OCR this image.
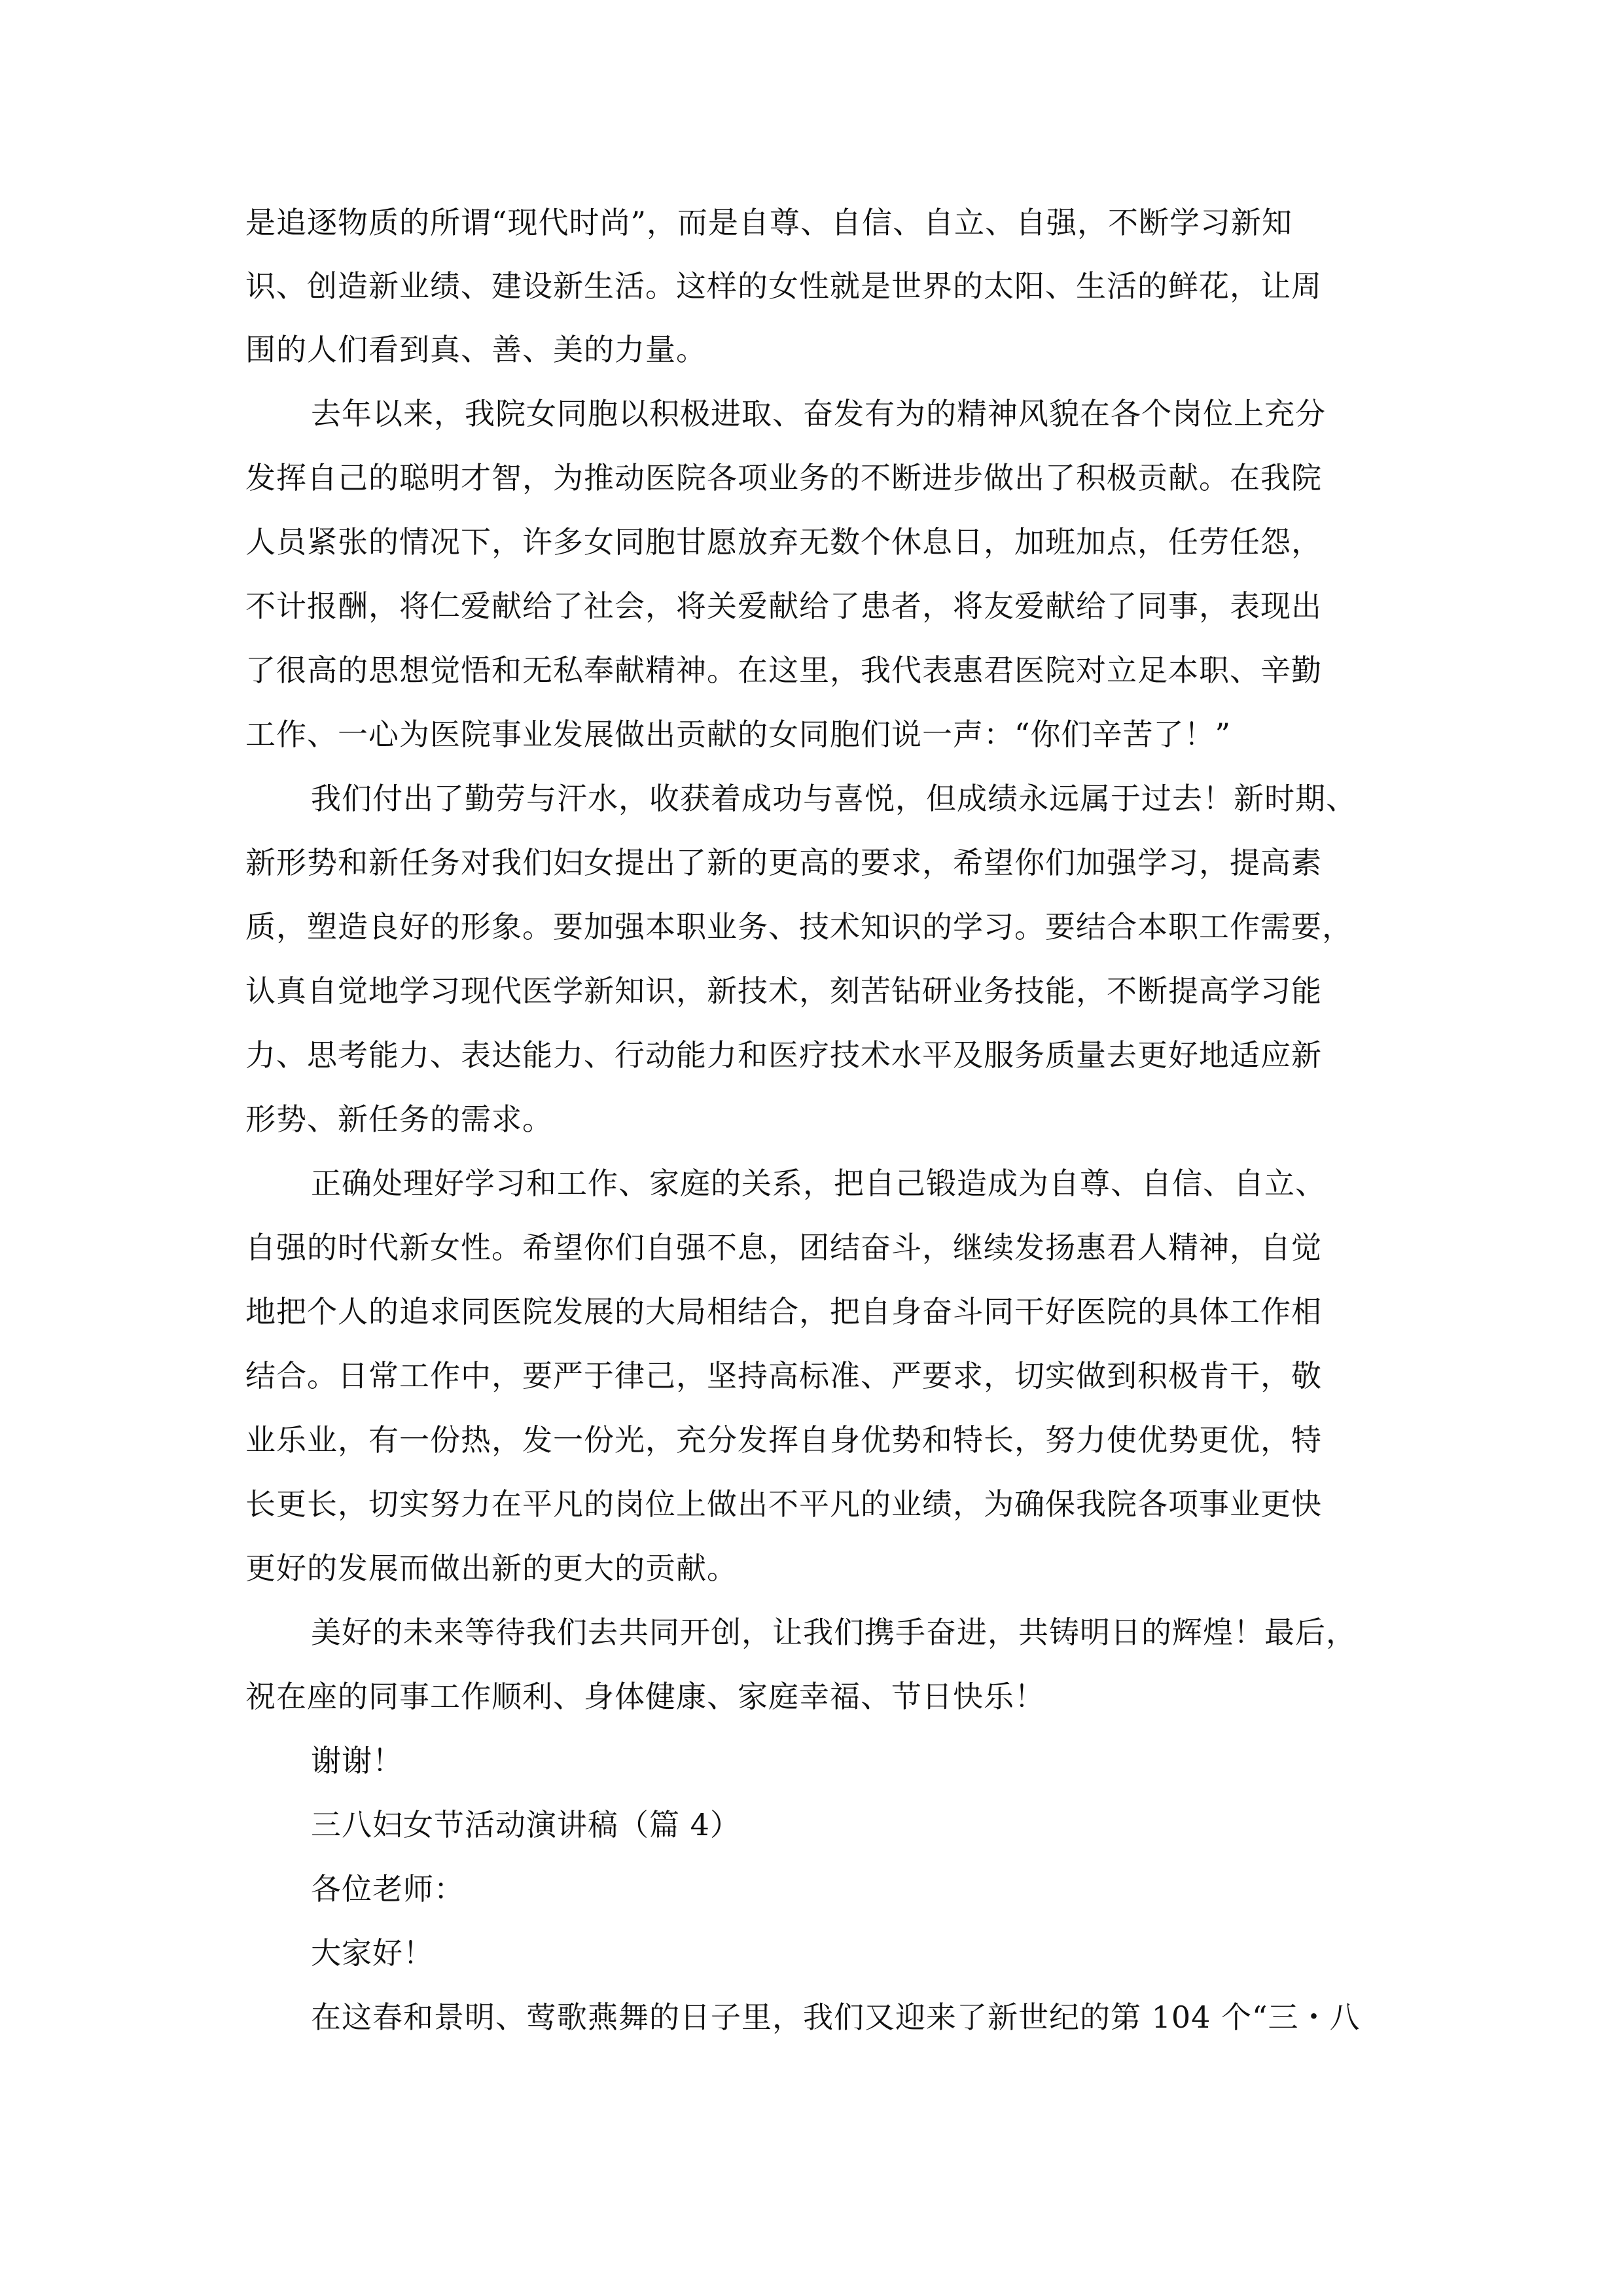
是追逐物质的所谓“现代时尚”，而是自尊、自信、自立、自强，不断学习新知
识、创造新业绩、建设新生活。这样的女性就是世界的太阳、生活的鲜花，让周
围的人们看到真、善、美的力量。
去年以来，我院女同胞以积极进取、奋发有为的精神风貌在各个岗位上充分
发挥自己的聪明才智，为推动医院各项业务的不断进步做出了积极贡献。在我院
人员紧张的情况下，许多女同胞甘愿放弃无数个休息日，加班加点，任劳任怨，
不计报酬，将仁爱献给了社会，将关爱献给了患者，将友爱献给了同事，表现出
了很高的思想觉悟和无私奉献精神。在这里，我代表惠君医院对立足本职、辛勤
工作、一心为医院事业发展做出贡献的女同胞们说一声：“你们辛苦了！”
我们付出了勤劳与汗水，收获着成功与喜悦，但成绩永远属于过去！新时期、
新形势和新任务对我们妇女提出了新的更高的要求，希望你们加强学习，提高素
质，塑造良好的形象。要加强本职业务、技术知识的学习。要结合本职工作需要，
认真自觉地学习现代医学新知识，新技术，刻苦钻研业务技能，不断提高学习能
力、思考能力、表达能力、行动能力和医疗技术水平及服务质量去更好地适应新
形势、新任务的需求。
正确处理好学习和工作、家庭的关系，把自己锻造成为自尊、自信、自立、
自强的时代新女性。希望你们自强不息，团结奋斗，继续发扬惠君人精神，自觉
地把个人的追求同医院发展的大局相结合，把自身奋斗同干好医院的具体工作相
结合。日常工作中，要严于律己，坚持高标准、严要求，切实做到积极肯干，敬
业乐业，有一份热，发一份光，充分发挥自身优势和特长，努力使优势更优，特
长更长，切实努力在平凡的岗位上做出不平凡的业绩，为确保我院各项事业更快
更好的发展而做出新的更大的贡献。
美好的未来等待我们去共同开创，让我们携手奋进，共铸明日的辉煌！最后，
祝在座的同事工作顺利、身体健康、家庭幸福、节日快乐！
谢谢！
三八妇女节活动演讲稿（篇 4）
各位老师：
大家好！
在这春和景明、莺歌燕舞的日子里，我们又迎来了新世纪的第 104 个“三・八
